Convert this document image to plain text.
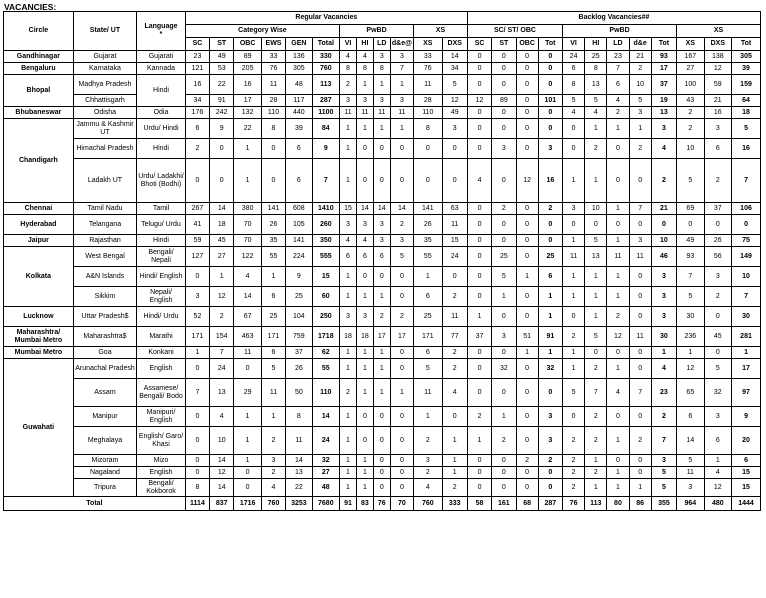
VACANCIES:
Circle	State/ UT	Language
*	Regular Vacancies												Backlog Vacancies##											
			Category Wise						PwBD				XS		SC/ ST/ OBC				PwBD					XS		
			SC	ST	OBC	EWS	GEN	Total	VI	HI	LD	d&e@	XS	DXS	SC	ST	OBC	Tot	VI	HI	LD	d&e	Tot	XS	DXS	Tot
Gandhinagar	Gujarat	Gujarati	23	49	89	33	136	330	4	4	3	3	33	14	0	0	0	0	24	25	23	21	93	167	138	305
Bengaluru	Karnataka	Kannada	121	53	205	76	305	760	8	8	8	7	76	34	0	0	0	0	6	8	7	2	17	27	12	39
Bhopal	Madhya Pradesh	Hindi	16	22	16	11	48	113	2	1	1	1	11	5	0	0	0	0	8	13	6	10	37	100	59	159
	Chhattisgarh		34	91	17	28	117	287	3	3	3	3	28	12	12	89	0	101	5	5	4	5	19	43	21	64
Bhubaneswar	Odisha	Odia	176	242	132	110	440	1100	11	11	11	11	110	49	0	0	0	0	4	4	2	3	13	2	16	18
Chandigarh	Jammu & Kashmir UT	Urdu/ Hindi	6	9	22	8	39	84	1	1	1	1	8	3	0	0	0	0	0	1	1	1	3	2	3	5
	Himachal Pradesh	Hindi	2	0	1	0	6	9	1	0	0	0	0	0	0	3	0	3	0	2	0	2	4	10	6	16
	Ladakh UT	Urdu/ Ladakhi/ Bhoti (Bodhi)	0	0	1	0	6	7	1	0	0	0	0	0	4	0	12	16	1	1	0	0	2	5	2	7
Chennai	Tamil Nadu	Tamil	267	14	380	141	608	1410	15	14	14	14	141	63	0	2	0	2	3	10	1	7	21	69	37	106
Hyderabad	Telangana	Telugu/ Urdu	41	18	70	26	105	260	3	3	3	2	26	11	0	0	0	0	0	0	0	0	0	0	0	0
Jaipur	Rajasthan	Hindi	59	45	70	35	141	350	4	4	3	3	35	15	0	0	0	0	1	5	1	3	10	49	26	75
Kolkata	West Bengal	Bengali/ Nepali	127	27	122	55	224	555	6	6	6	5	55	24	0	25	0	25	11	13	11	11	46	93	56	149
	A&N Islands	Hindi/ English	0	1	4	1	9	15	1	0	0	0	1	0	0	5	1	6	1	1	1	0	3	7	3	10
	Sikkim	Nepali/ English	3	12	14	6	25	60	1	1	1	0	6	2	0	1	0	1	1	1	1	0	3	5	2	7
Lucknow	Uttar Pradesh$	Hindi/ Urdu	52	2	67	25	104	250	3	3	2	2	25	11	1	0	0	1	0	1	2	0	3	30	0	30
Maharashtra/ Mumbai Metro	Maharashtra$	Marathi	171	154	463	171	759	1718	18	18	17	17	171	77	37	3	51	91	2	5	12	11	30	236	45	281
Mumbai Metro	Goa	Konkani	1	7	11	6	37	62	1	1	1	0	6	2	0	0	1	1	1	0	0	0	1	1	0	1
Guwahati	Arunachal Pradesh	English	0	24	0	5	26	55	1	1	1	0	5	2	0	32	0	32	1	2	1	0	4	12	5	17
	Assam	Assamese/ Bengali/ Bodo	7	13	29	11	50	110	2	1	1	1	11	4	0	0	0	0	5	7	4	7	23	65	32	97
	Manipur	Manipuri/ English	0	4	1	1	8	14	1	0	0	0	1	0	2	1	0	3	0	2	0	0	2	6	3	9
	Meghalaya	English/ Garo/ Khasi	0	10	1	2	11	24	1	0	0	0	2	1	1	2	0	3	2	2	1	2	7	14	6	20
	Mizoram	Mizo	0	14	1	3	14	32	1	1	0	0	3	1	0	0	2	2	2	1	0	0	3	5	1	6
	Nagaland	English	0	12	0	2	13	27	1	1	0	0	2	1	0	0	0	0	2	2	1	0	5	11	4	15
	Tripura	Bengali/ Kokborok	8	14	0	4	22	48	1	1	0	0	4	2	0	0	0	0	2	1	1	1	5	3	12	15
Total			1114	837	1716	760	3253	7680	91	83	76	70	760	333	58	161	68	287	76	113	80	86	355	964	480	1444
